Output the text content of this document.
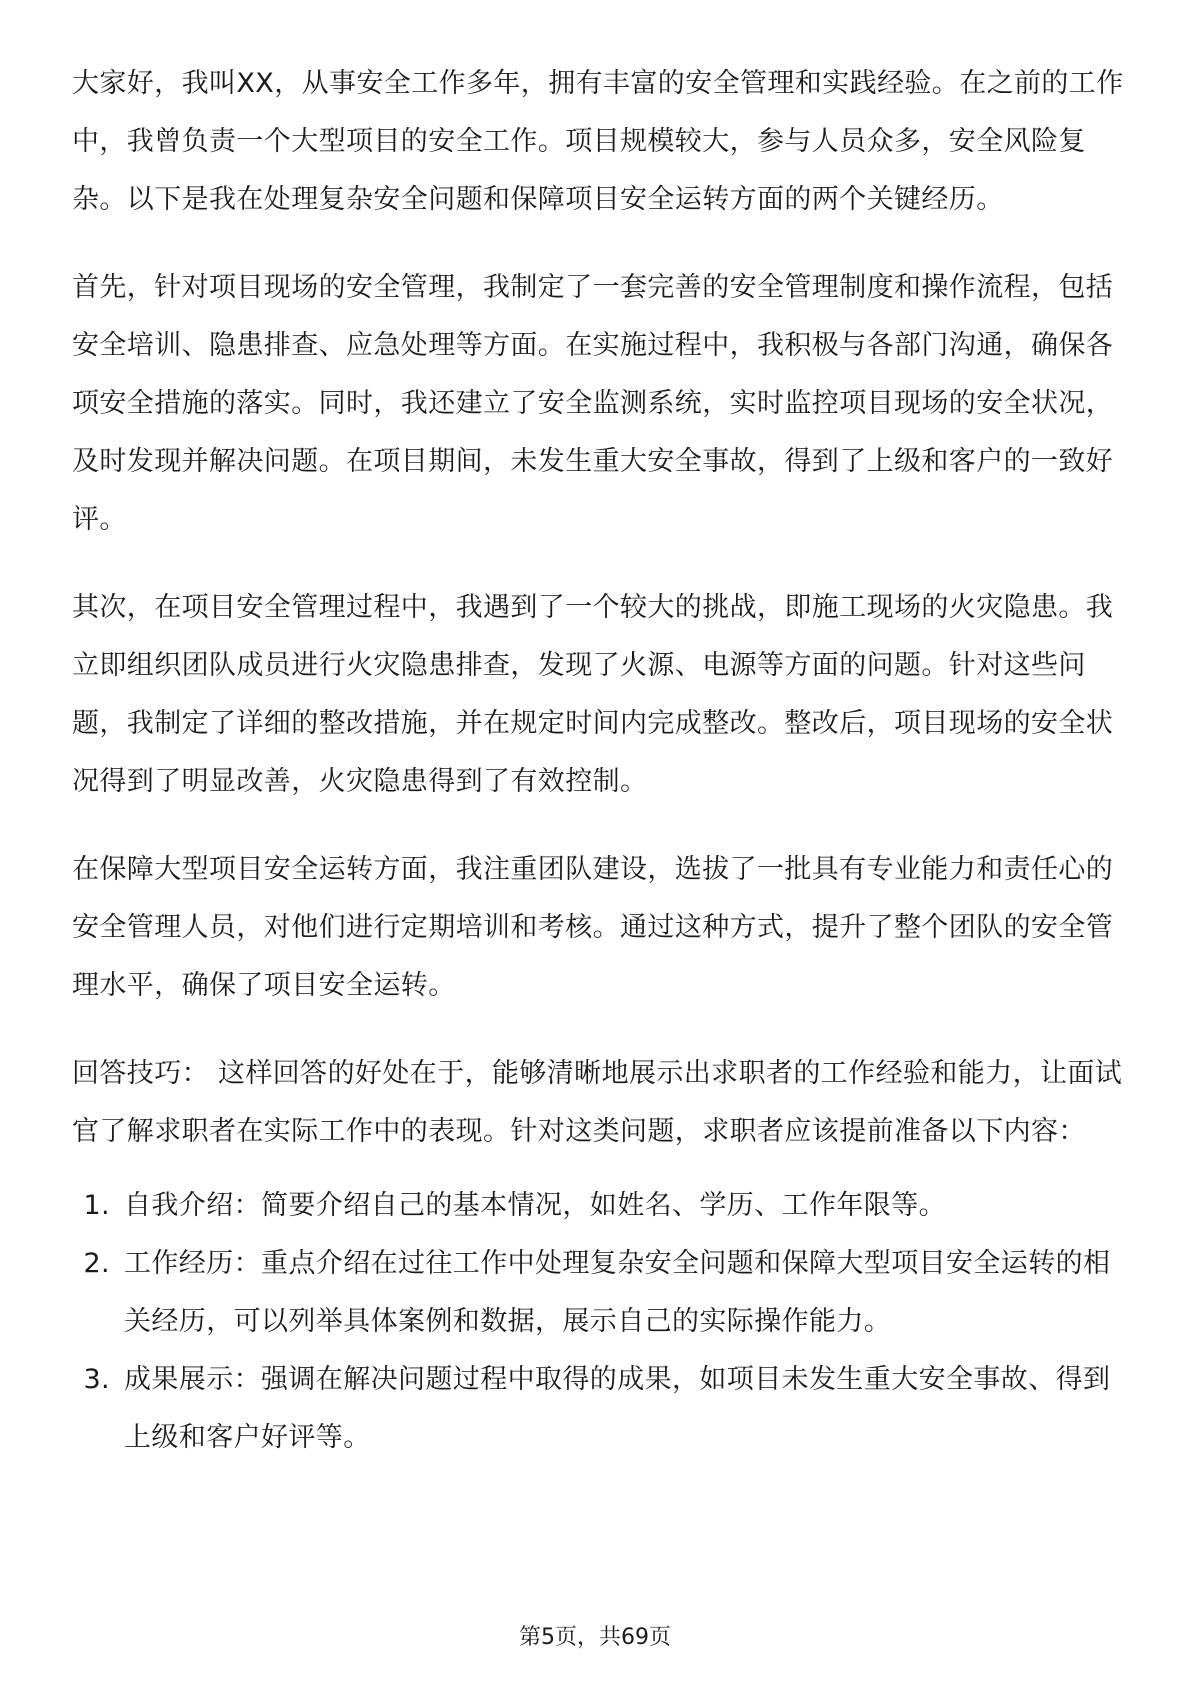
大家好，我叫XX，从事安全工作多年，拥有丰富的安全管理和实践经验。在之前的工作中，我曾负责一个大型项目的安全工作。项目规模较大，参与人员众多，安全风险复杂。以下是我在处理复杂安全问题和保障项目安全运转方面的两个关键经历。

首先，针对项目现场的安全管理，我制定了一套完善的安全管理制度和操作流程，包括安全培训、隐患排查、应急处理等方面。在实施过程中，我积极与各部门沟通，确保各项安全措施的落实。同时，我还建立了安全监测系统，实时监控项目现场的安全状况，及时发现并解决问题。在项目期间，未发生重大安全事故，得到了上级和客户的一致好评。

其次，在项目安全管理过程中，我遇到了一个较大的挑战，即施工现场的火灾隐患。我立即组织团队成员进行火灾隐患排查，发现了火源、电源等方面的问题。针对这些问题，我制定了详细的整改措施，并在规定时间内完成整改。整改后，项目现场的安全状况得到了明显改善，火灾隐患得到了有效控制。

在保障大型项目安全运转方面，我注重团队建设，选拔了一批具有专业能力和责任心的安全管理人员，对他们进行定期培训和考核。通过这种方式，提升了整个团队的安全管理水平，确保了项目安全运转。

回答技巧： 这样回答的好处在于，能够清晰地展示出求职者的工作经验和能力，让面试官了解求职者在实际工作中的表现。针对这类问题，求职者应该提前准备以下内容：

1. 自我介绍：简要介绍自己的基本情况，如姓名、学历、工作年限等。
2. 工作经历：重点介绍在过往工作中处理复杂安全问题和保障大型项目安全运转的相关经历，可以列举具体案例和数据，展示自己的实际操作能力。
3. 成果展示：强调在解决问题过程中取得的成果，如项目未发生重大安全事故、得到上级和客户好评等。
第5页，共69页
